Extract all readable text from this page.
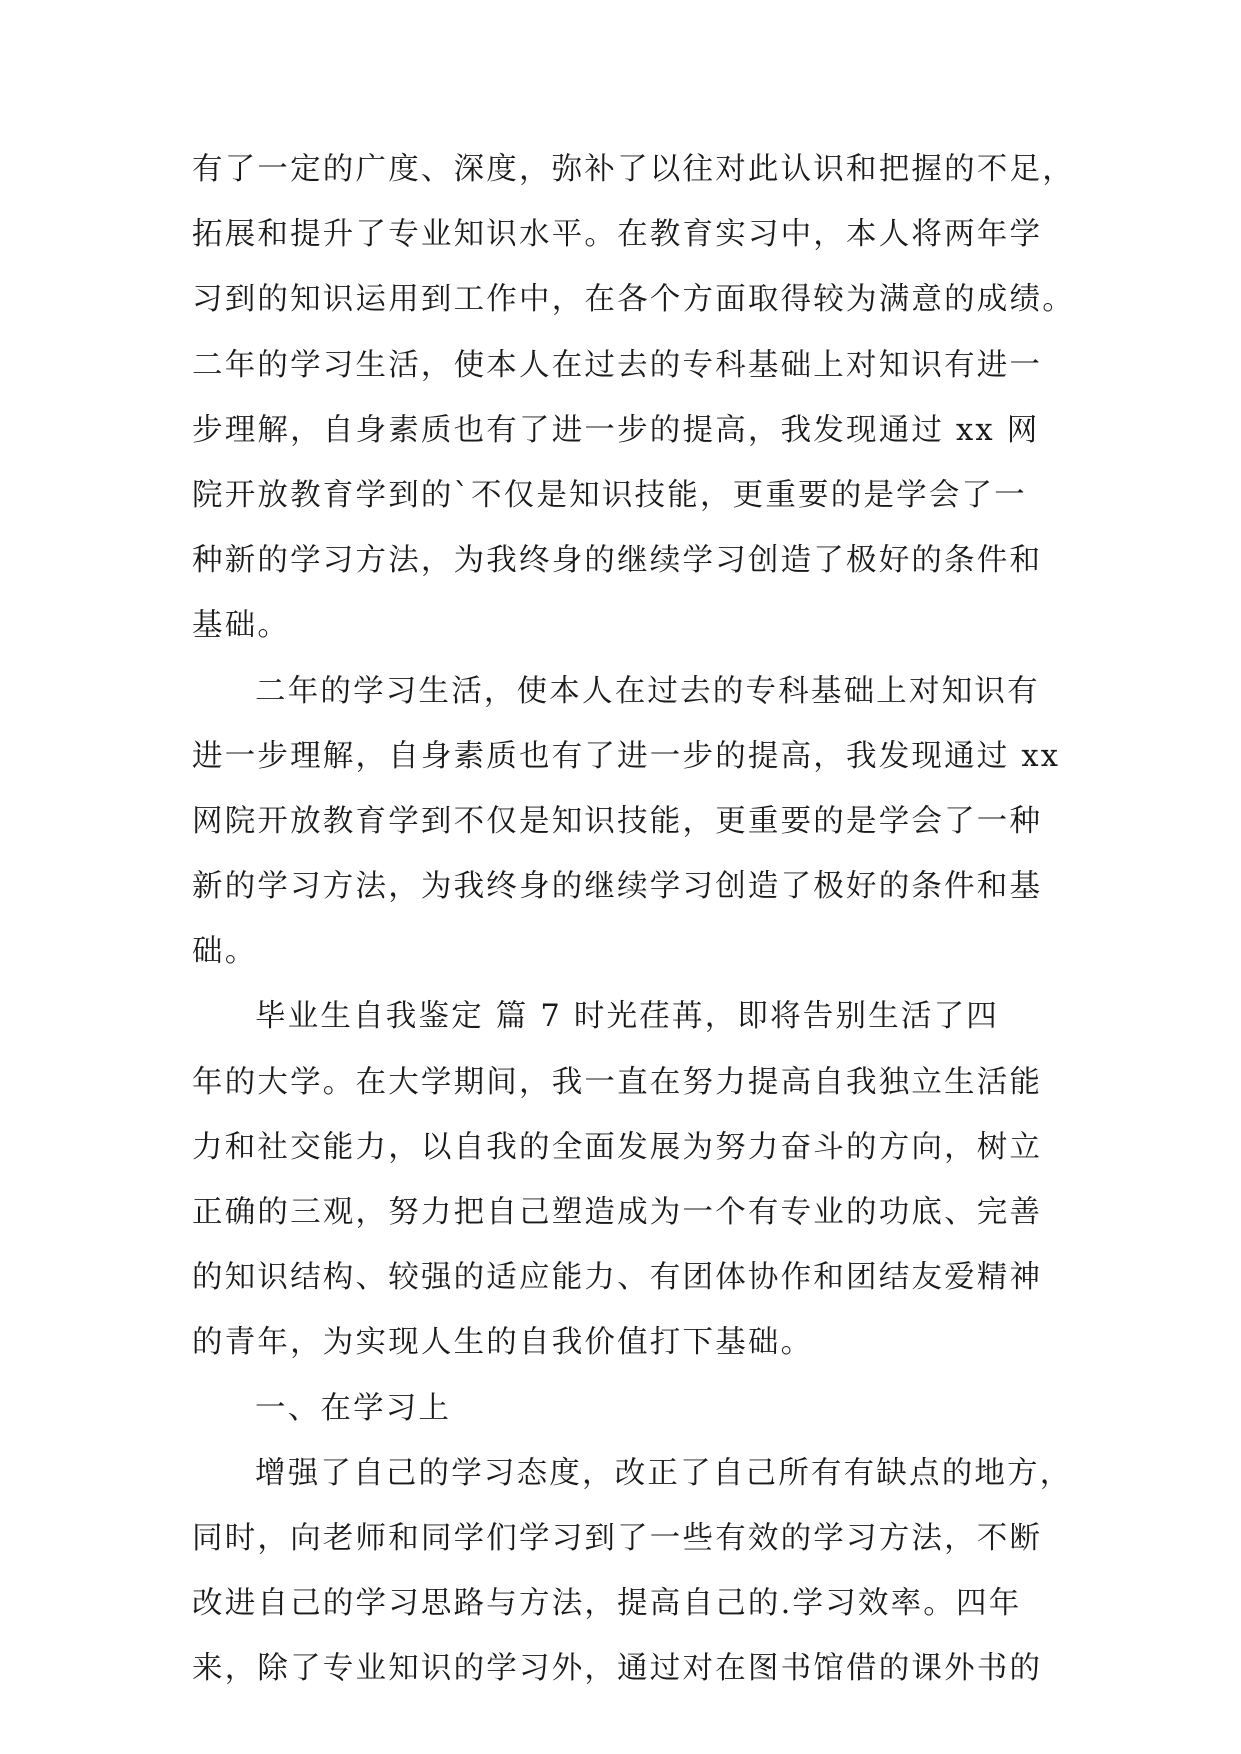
有了一定的广度、深度，弥补了以往对此认识和把握的不足，
拓展和提升了专业知识水平。在教育实习中，本人将两年学
习到的知识运用到工作中，在各个方面取得较为满意的成绩。
二年的学习生活，使本人在过去的专科基础上对知识有进一
步理解，自身素质也有了进一步的提高，我发现通过 xx 网
院开放教育学到的`不仅是知识技能，更重要的是学会了一
种新的学习方法，为我终身的继续学习创造了极好的条件和
基础。
二年的学习生活，使本人在过去的专科基础上对知识有
进一步理解，自身素质也有了进一步的提高，我发现通过 xx
网院开放教育学到不仅是知识技能，更重要的是学会了一种
新的学习方法，为我终身的继续学习创造了极好的条件和基
础。
毕业生自我鉴定 篇 7 时光荏苒，即将告别生活了四
年的大学。在大学期间，我一直在努力提高自我独立生活能
力和社交能力，以自我的全面发展为努力奋斗的方向，树立
正确的三观，努力把自己塑造成为一个有专业的功底、完善
的知识结构、较强的适应能力、有团体协作和团结友爱精神
的青年，为实现人生的自我价值打下基础。
一、在学习上
增强了自己的学习态度，改正了自己所有有缺点的地方，
同时，向老师和同学们学习到了一些有效的学习方法，不断
改进自己的学习思路与方法，提高自己的.学习效率。四年
来，除了专业知识的学习外，通过对在图书馆借的课外书的
